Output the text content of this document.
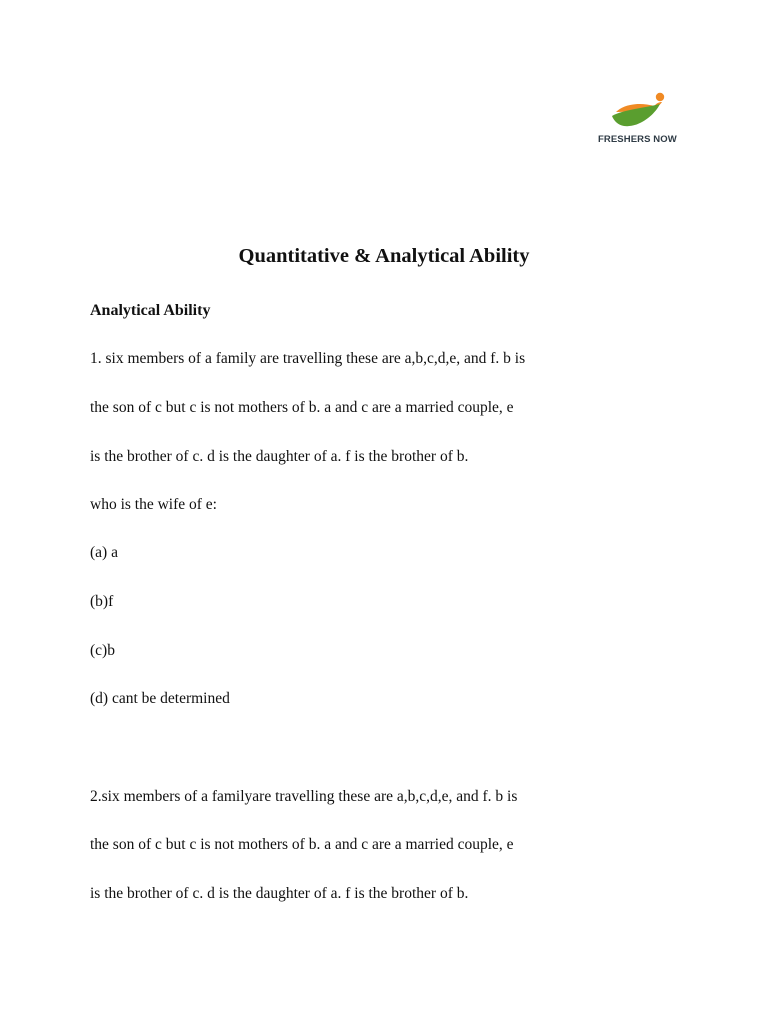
FRESHERS NOW
Quantitative & Analytical Ability
Analytical Ability
1. six members of a family are travelling these are a,b,c,d,e, and f. b is
the son of c but c is not mothers of b. a and c are a married couple, e
is the brother of c. d is the daughter of a. f is the brother of b.
who is the wife of e:
(a) a
(b)f
(c)b
(d) cant be determined
2.six members of a familyare travelling these are a,b,c,d,e, and f. b is
the son of c but c is not mothers of b. a and c are a married couple, e
is the brother of c. d is the daughter of a. f is the brother of b.
